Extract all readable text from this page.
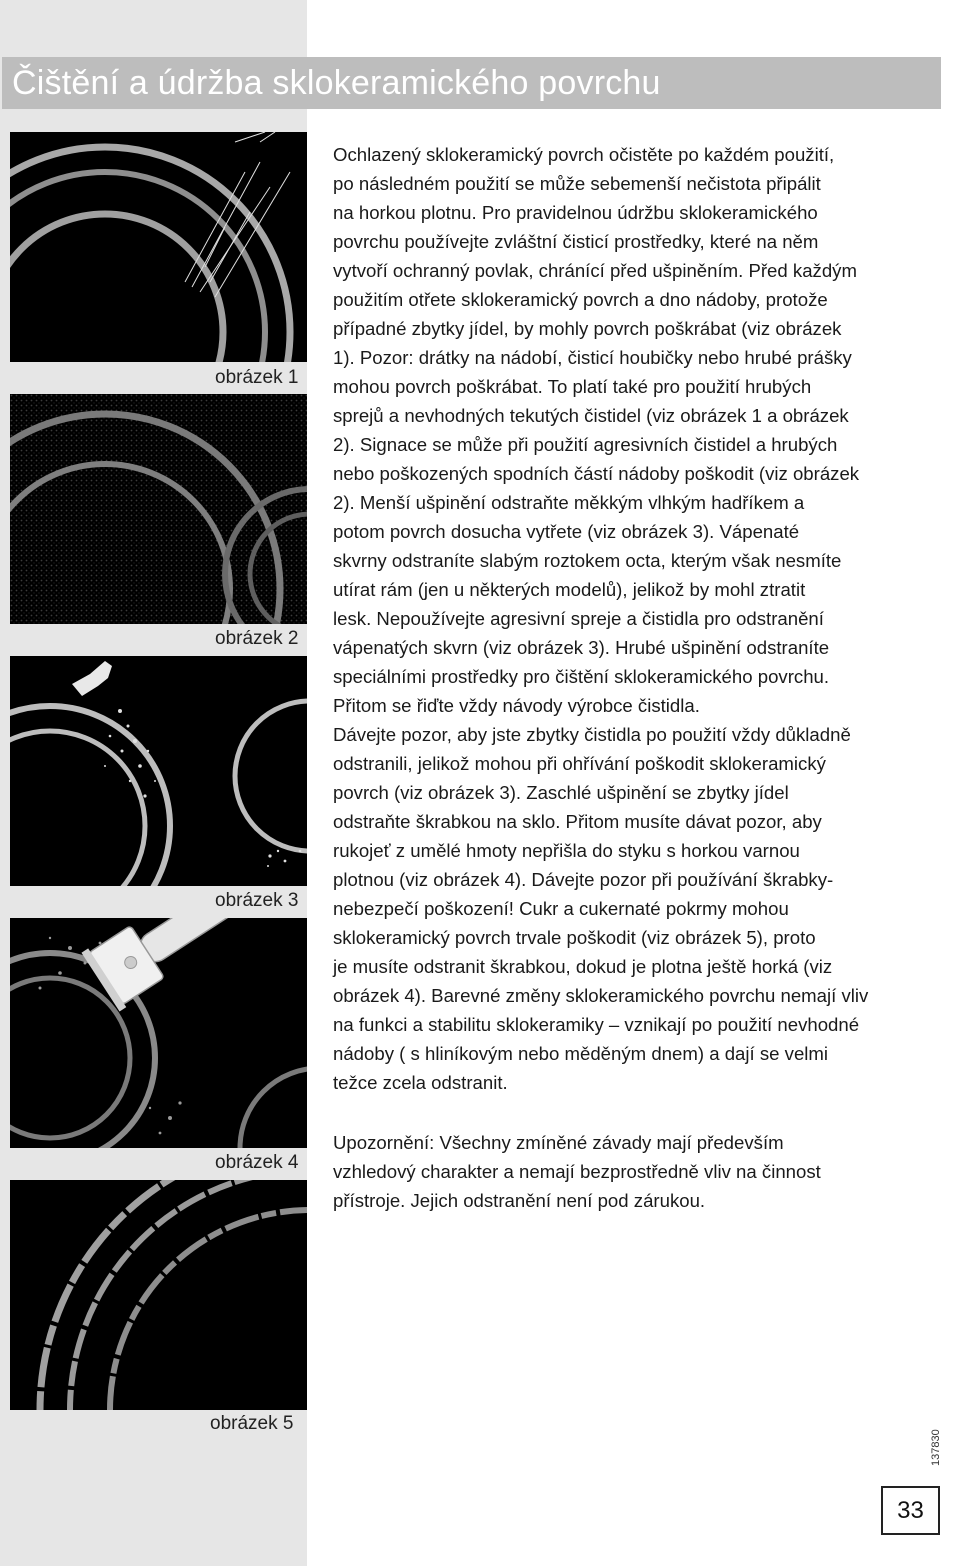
Čištění a údržba sklokeramického povrchu
obrázek 1
obrázek 2
obrázek 3
obrázek 4
obrázek 5
Ochlazený sklokeramický povrch očistěte po každém použití,
po následném použití se může sebemenší nečistota připálit
na horkou plotnu. Pro pravidelnou údržbu sklokeramického
povrchu používejte zvláštní čisticí prostředky, které na něm
vytvoří ochranný povlak, chránící před ušpiněním. Před každým
použitím otřete sklokeramický povrch a dno nádoby, protože
případné zbytky jídel, by mohly povrch poškrábat (viz obrázek
1). Pozor: drátky na nádobí, čisticí houbičky nebo hrubé prášky
mohou povrch poškrábat. To platí také pro použití hrubých
sprejů a nevhodných tekutých čistidel (viz obrázek 1 a obrázek
2). Signace se může při použití agresivních čistidel a hrubých
nebo poškozených spodních částí nádoby poškodit (viz obrázek
2). Menší ušpinění odstraňte měkkým vlhkým hadříkem a
potom povrch dosucha vytřete (viz obrázek 3). Vápenaté
skvrny odstraníte slabým roztokem octa, kterým však nesmíte
utírat rám (jen u některých modelů), jelikož by mohl ztratit
lesk. Nepoužívejte agresivní spreje a čistidla pro odstranění
vápenatých skvrn (viz obrázek 3). Hrubé ušpinění odstraníte
speciálními prostředky pro čištění sklokeramického povrchu.
Přitom se řiďte vždy návody výrobce čistidla.
Dávejte pozor, aby jste zbytky čistidla po použití vždy důkladně
odstranili, jelikož mohou při ohřívání poškodit sklokeramický
povrch (viz obrázek 3). Zaschlé ušpinění se zbytky jídel
odstraňte škrabkou na sklo. Přitom musíte dávat pozor, aby
rukojeť z umělé hmoty nepřišla do styku s horkou varnou
plotnou (viz obrázek 4). Dávejte pozor při používání škrabky-
nebezpečí poškození! Cukr a cukernaté pokrmy mohou
sklokeramický povrch trvale poškodit (viz obrázek 5), proto
je musíte odstranit škrabkou, dokud je plotna ještě horká (viz
obrázek 4). Barevné změny sklokeramického povrchu nemají vliv
na funkci a stabilitu sklokeramiky – vznikají po použití nevhodné
nádoby ( s hliníkovým nebo měděným dnem) a dají se velmi
težce zcela odstranit.
Upozornění: Všechny zmíněné závady mají především
vzhledový charakter a nemají bezprostředně vliv na činnost
přístroje. Jejich odstranění není pod zárukou.
137830
33
